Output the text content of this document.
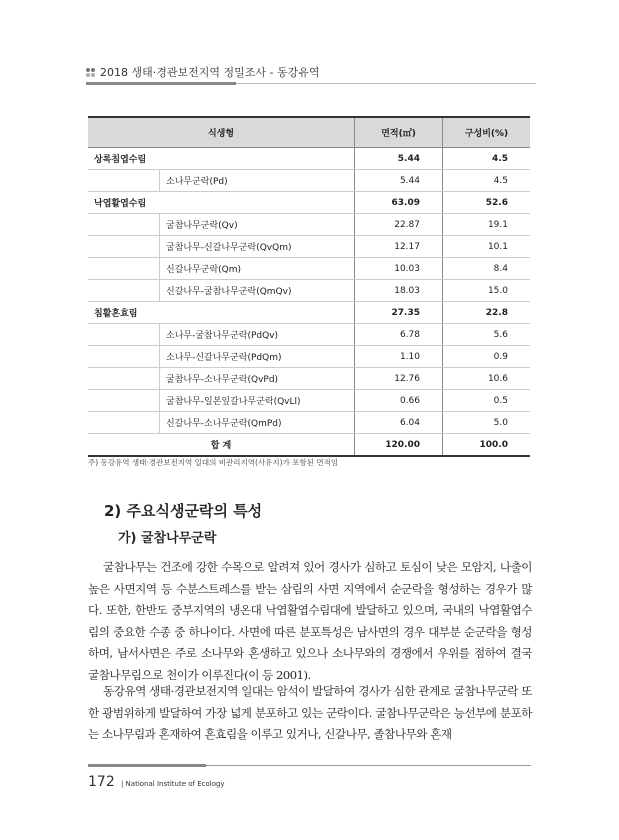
2018 생태·경관보전지역 정밀조사 - 동강유역
식생형	면적(㎡)	구성비(%)
상록침엽수림	5.44	4.5
소나무군락(Pd)	5.44	4.5
낙엽활엽수림	63.09	52.6
굴참나무군락(Qv)	22.87	19.1
굴참나무-신갈나무군락(QvQm)	12.17	10.1
신갈나무군락(Qm)	10.03	8.4
신갈나무-굴참나무군락(QmQv)	18.03	15.0
침활혼효림	27.35	22.8
소나무-굴참나무군락(PdQv)	6.78	5.6
소나무-신갈나무군락(PdQm)	1.10	0.9
굴참나무-소나무군락(QvPd)	12.76	10.6
굴참나무-일본잎갈나무군락(QvLl)	0.66	0.5
신갈나무-소나무군락(QmPd)	6.04	5.0
합 계	120.00	100.0
주) 동강유역 생태·경관보전지역 일대의 비관리지역(사유지)가 포함된 면적임
2) 주요식생군락의 특성
가) 굴참나무군락
굴참나무는 건조에 강한 수목으로 알려져 있어 경사가 심하고 토심이 낮은 모암지, 나출이 높은 사면지역 등 수분스트레스를 받는 삼림의 사면 지역에서 순군락을 형성하는 경우가 많다. 또한, 한반도 중부지역의 냉온대 낙엽활엽수림대에 발달하고 있으며, 국내의 낙엽활엽수림의 중요한 수종 중 하나이다. 사면에 따른 분포특성은 남사면의 경우 대부분 순군락을 형성하며, 남서사면은 주로 소나무와 혼생하고 있으나 소나무와의 경쟁에서 우위를 점하여 결국 굴참나무림으로 천이가 이루진다(이 등 2001).
동강유역 생태·경관보전지역 일대는 암석이 발달하여 경사가 심한 관계로 굴참나무군락 또한 광범위하게 발달하여 가장 넓게 분포하고 있는 군락이다. 굴참나무군락은 능선부에 분포하는 소나무림과 혼재하여 혼효림을 이루고 있거나, 신갈나무, 졸참나무와 혼재
172 | National Institute of Ecology
